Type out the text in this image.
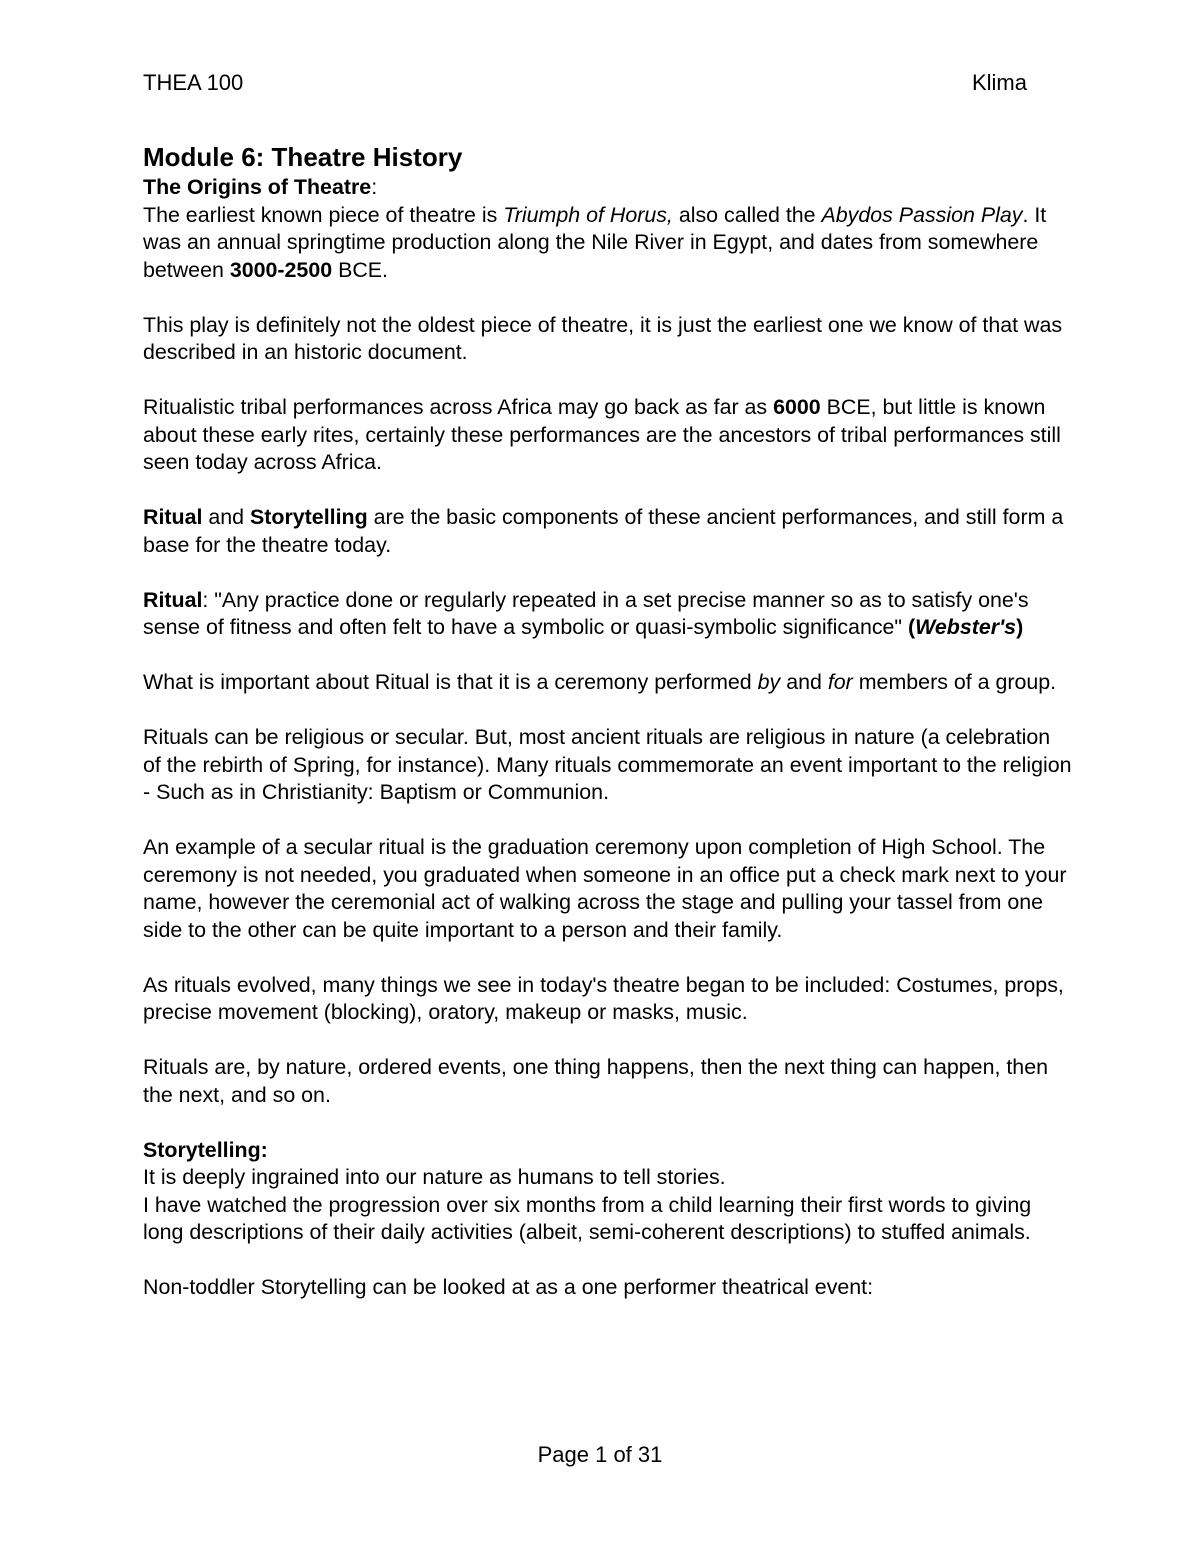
THEA 100	Klima
Module 6: Theatre History
The Origins of Theatre:

The earliest known piece of theatre is Triumph of Horus, also called the Abydos Passion Play. It was an annual springtime production along the Nile River in Egypt, and dates from somewhere between 3000-2500 BCE.

This play is definitely not the oldest piece of theatre, it is just the earliest one we know of that was described in an historic document.

Ritualistic tribal performances across Africa may go back as far as 6000 BCE, but little is known about these early rites, certainly these performances are the ancestors of tribal performances still seen today across Africa.

Ritual and Storytelling are the basic components of these ancient performances, and still form a base for the theatre today.

Ritual: "Any practice done or regularly repeated in a set precise manner so as to satisfy one's sense of fitness and often felt to have a symbolic or quasi-symbolic significance" (Webster's)

What is important about Ritual is that it is a ceremony performed by and for members of a group.

Rituals can be religious or secular. But, most ancient rituals are religious in nature (a celebration of the rebirth of Spring, for instance). Many rituals commemorate an event important to the religion - Such as in Christianity: Baptism or Communion.

An example of a secular ritual is the graduation ceremony upon completion of High School. The ceremony is not needed, you graduated when someone in an office put a check mark next to your name, however the ceremonial act of walking across the stage and pulling your tassel from one side to the other can be quite important to a person and their family.

As rituals evolved, many things we see in today's theatre began to be included: Costumes, props, precise movement (blocking), oratory, makeup or masks, music.

Rituals are, by nature, ordered events, one thing happens, then the next thing can happen, then the next, and so on.

Storytelling:

It is deeply ingrained into our nature as humans to tell stories.

I have watched the progression over six months from a child learning their first words to giving long descriptions of their daily activities (albeit, semi-coherent descriptions) to stuffed animals.

Non-toddler Storytelling can be looked at as a one performer theatrical event:

Page 1 of 31
